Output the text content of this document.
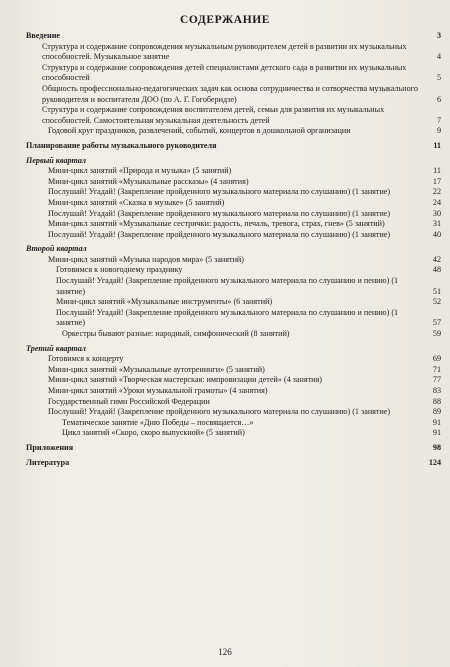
СОДЕРЖАНИЕ
Введение	3
Структура и содержание сопровождения музыкальным руководителем детей в развитии их музыкальных способностей. Музыкальное занятие	4
Структура и содержание сопровождения детей специалистами детского сада в развитии их музыкальных способностей	5
Общность профессионально-педагогических задач как основа сотрудничества и сотворчества музыкального руководителя и воспитателя ДОО (по А. Г. Гогоберидзе)	6
Структура и содержание сопровождения воспитателем детей, семьи для развития их музыкальных способностей. Самостоятельная музыкальная деятельность детей	7
Годовой круг праздников, развлечений, событий, концертов в дошкольной организации	9
Планирование работы музыкального руководителя	11
Первый квартал
Мини-цикл занятий «Природа и музыка» (5 занятий)	11
Мини-цикл занятий «Музыкальные рассказы» (4 занятия)	17
Послушай! Угадай! (Закрепление пройденного музыкального материала по слушанию) (1 занятие)	22
Мини-цикл занятий «Сказка в музыке» (5 занятий)	24
Послушай! Угадай! (Закрепление пройденного музыкального материала по слушанию) (1 занятие)	30
Мини-цикл занятий «Музыкальные сестрички: радость, печаль, тревога, страх, гнев» (5 занятий)	31
Послушай! Угадай! (Закрепление пройденного музыкального материала по слушанию) (1 занятие)	40
Второй квартал
Мини-цикл занятий «Музыка народов мира» (5 занятий)	42
Готовимся к новогоднему празднику	48
Послушай! Угадай! (Закрепление пройденного музыкального материала по слушанию и пению) (1 занятие)	51
Мини-цикл занятий «Музыкальные инструменты» (6 занятий)	52
Послушай! Угадай! (Закрепление пройденного музыкального материала по слушанию и пению) (1 занятие)	57
Оркестры бывают разные: народный, симфонический (8 занятий)	59
Третий квартал
Готовимся к концерту	69
Мини-цикл занятий «Музыкальные аутотренинги» (5 занятий)	71
Мини-цикл занятий «Творческая мастерская: импровизации детей» (4 занятия)	77
Мини-цикл занятий «Уроки музыкальной грамоты» (4 занятия)	83
Государственный гимн Российской Федерации	88
Послушай! Угадай! (Закрепление пройденного музыкального материала по слушанию) (1 занятие)	89
Тематическое занятие «Дню Победы – посвящается…»	91
Цикл занятий «Скоро, скоро выпускной» (5 занятий)	91
Приложения	98
Литература	124
126
